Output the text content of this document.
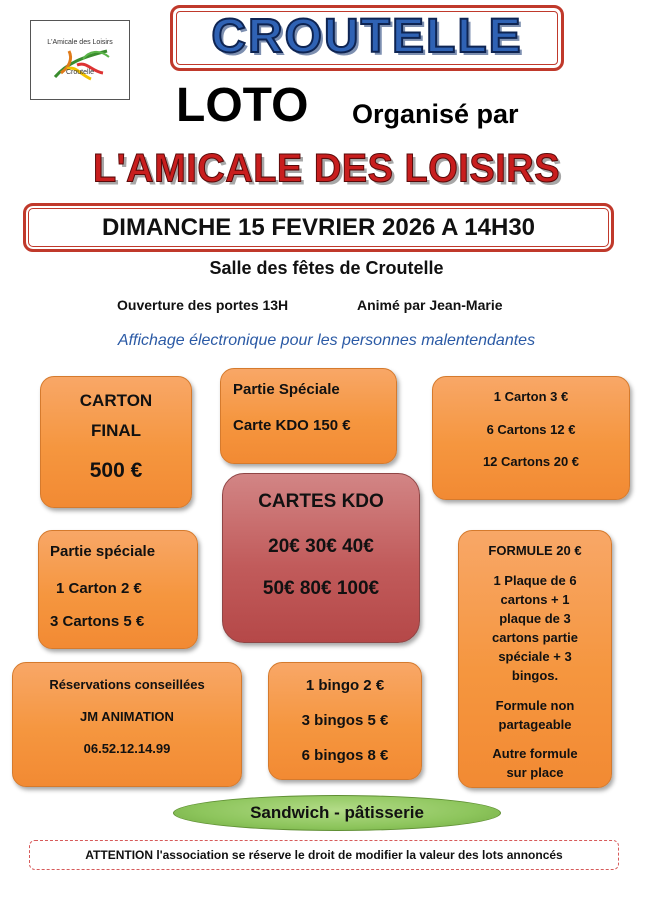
L'Amicale des Loisirs
Croutelle
CROUTELLE
LOTO Organisé par
L'AMICALE DES LOISIRS
DIMANCHE 15 FEVRIER 2026 A 14H30
Salle des fêtes de Croutelle
Ouverture des portes 13H	Animé par Jean-Marie
Affichage électronique pour les personnes malentendantes
CARTON
FINAL
500 €
Partie Spéciale
Carte KDO 150 €
1 Carton 3 €
6 Cartons 12 €
12 Cartons 20 €
CARTES KDO
20€ 30€ 40€
50€ 80€ 100€
Partie spéciale
1 Carton 2 €
3 Cartons 5 €
FORMULE 20 €
1 Plaque de 6
cartons + 1
plaque de 3
cartons partie
spéciale + 3
bingos.
Formule non
partageable
Autre formule
sur place
Réservations conseillées
JM ANIMATION
06.52.12.14.99
1 bingo 2 €
3 bingos 5 €
6 bingos 8 €
Sandwich - pâtisserie
ATTENTION l'association se réserve le droit de modifier la valeur des lots annoncés
